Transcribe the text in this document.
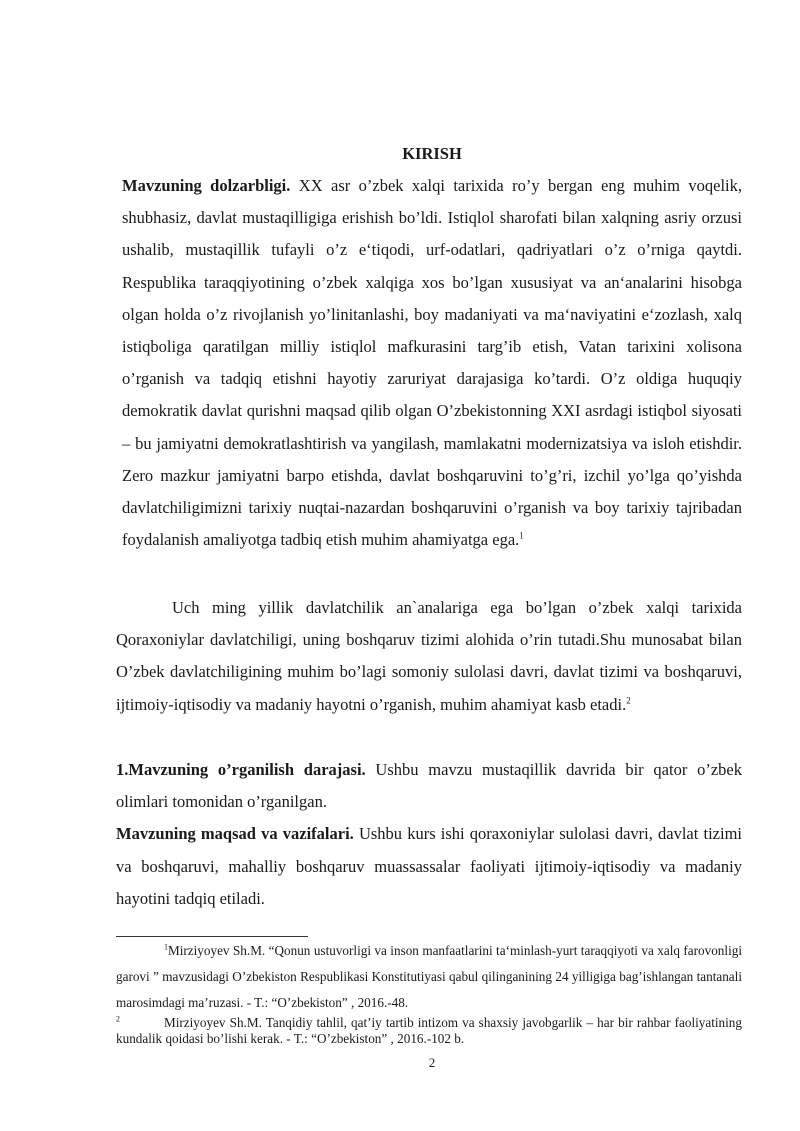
KIRISH

Mavzuning dolzarbligi. XX asr o’zbek xalqi tarixida ro’y bergan eng muhim voqelik, shubhasiz, davlat mustaqilligiga erishish bo’ldi. Istiqlol sharofati bilan xalqning asriy orzusi ushalib, mustaqillik tufayli o’z e‘tiqodi, urf-odatlari, qadriyatlari o’z o’rniga qaytdi. Respublika taraqqiyotining o’zbek xalqiga xos bo’lgan xususiyat va an‘analarini hisobga olgan holda o’z rivojlanish yo’linitanlashi, boy madaniyati va ma‘naviyatini e‘zozlash, xalq istiqboliga qaratilgan milliy istiqlol mafkurasini targ’ib etish, Vatan tarixini xolisona o’rganish va tadqiq etishni hayotiy zaruriyat darajasiga ko’tardi. O’z oldiga huquqiy demokratik davlat qurishni maqsad qilib olgan O’zbekistonning XXI asrdagi istiqbol siyosati – bu jamiyatni demokratlashtirish va yangilash, mamlakatni modernizatsiya va isloh etishdir. Zero mazkur jamiyatni barpo etishda, davlat boshqaruvini to’g’ri, izchil yo’lga qo’yishda davlatchiligimizni tarixiy nuqtai-nazardan boshqaruvini o’rganish va boy tarixiy tajribadan foydalanish amaliyotga tadbiq etish muhim ahamiyatga ega.$^1$

Uch ming yillik davlatchilik an`analariga ega bo’lgan o’zbek xalqi tarixida Qoraxoniylar davlatchiligi, uning boshqaruv tizimi alohida o’rin tutadi.Shu munosabat bilan O’zbek davlatchiligining muhim bo’lagi somoniy sulolasi davri, davlat tizimi va boshqaruvi, ijtimoiy-iqtisodiy va madaniy hayotni o’rganish, muhim ahamiyat kasb etadi.$^2$

1.Mavzuning o’rganilish darajasi. Ushbu mavzu mustaqillik davrida bir qator o’zbek olimlari tomonidan o’rganilgan.

Mavzuning maqsad va vazifalari. Ushbu kurs ishi qoraxoniylar sulolasi davri, davlat tizimi va boshqaruvi, mahalliy boshqaruv muassassalar faoliyati ijtimoiy-iqtisodiy va madaniy hayotini tadqiq etiladi.

$^1$Mirziyoyev Sh.M. “Qonun ustuvorligi va inson manfaatlarini ta‘minlash-yurt taraqqiyoti va xalq farovonligi garovi ” mavzusidagi O’zbekiston Respublikasi Konstitutiyasi qabul qilinganining 24 yilligiga bag’ishlangan tantanali marosimdagi ma’ruzasi. - T.: “O’zbekiston” , 2016.-48.
$^2$	Mirziyoyev Sh.M. Tanqidiy tahlil, qat’iy tartib intizom va shaxsiy javobgarlik – har bir rahbar faoliyatining kundalik qoidasi bo’lishi kerak. - T.: “O’zbekiston” , 2016.-102 b.
2
